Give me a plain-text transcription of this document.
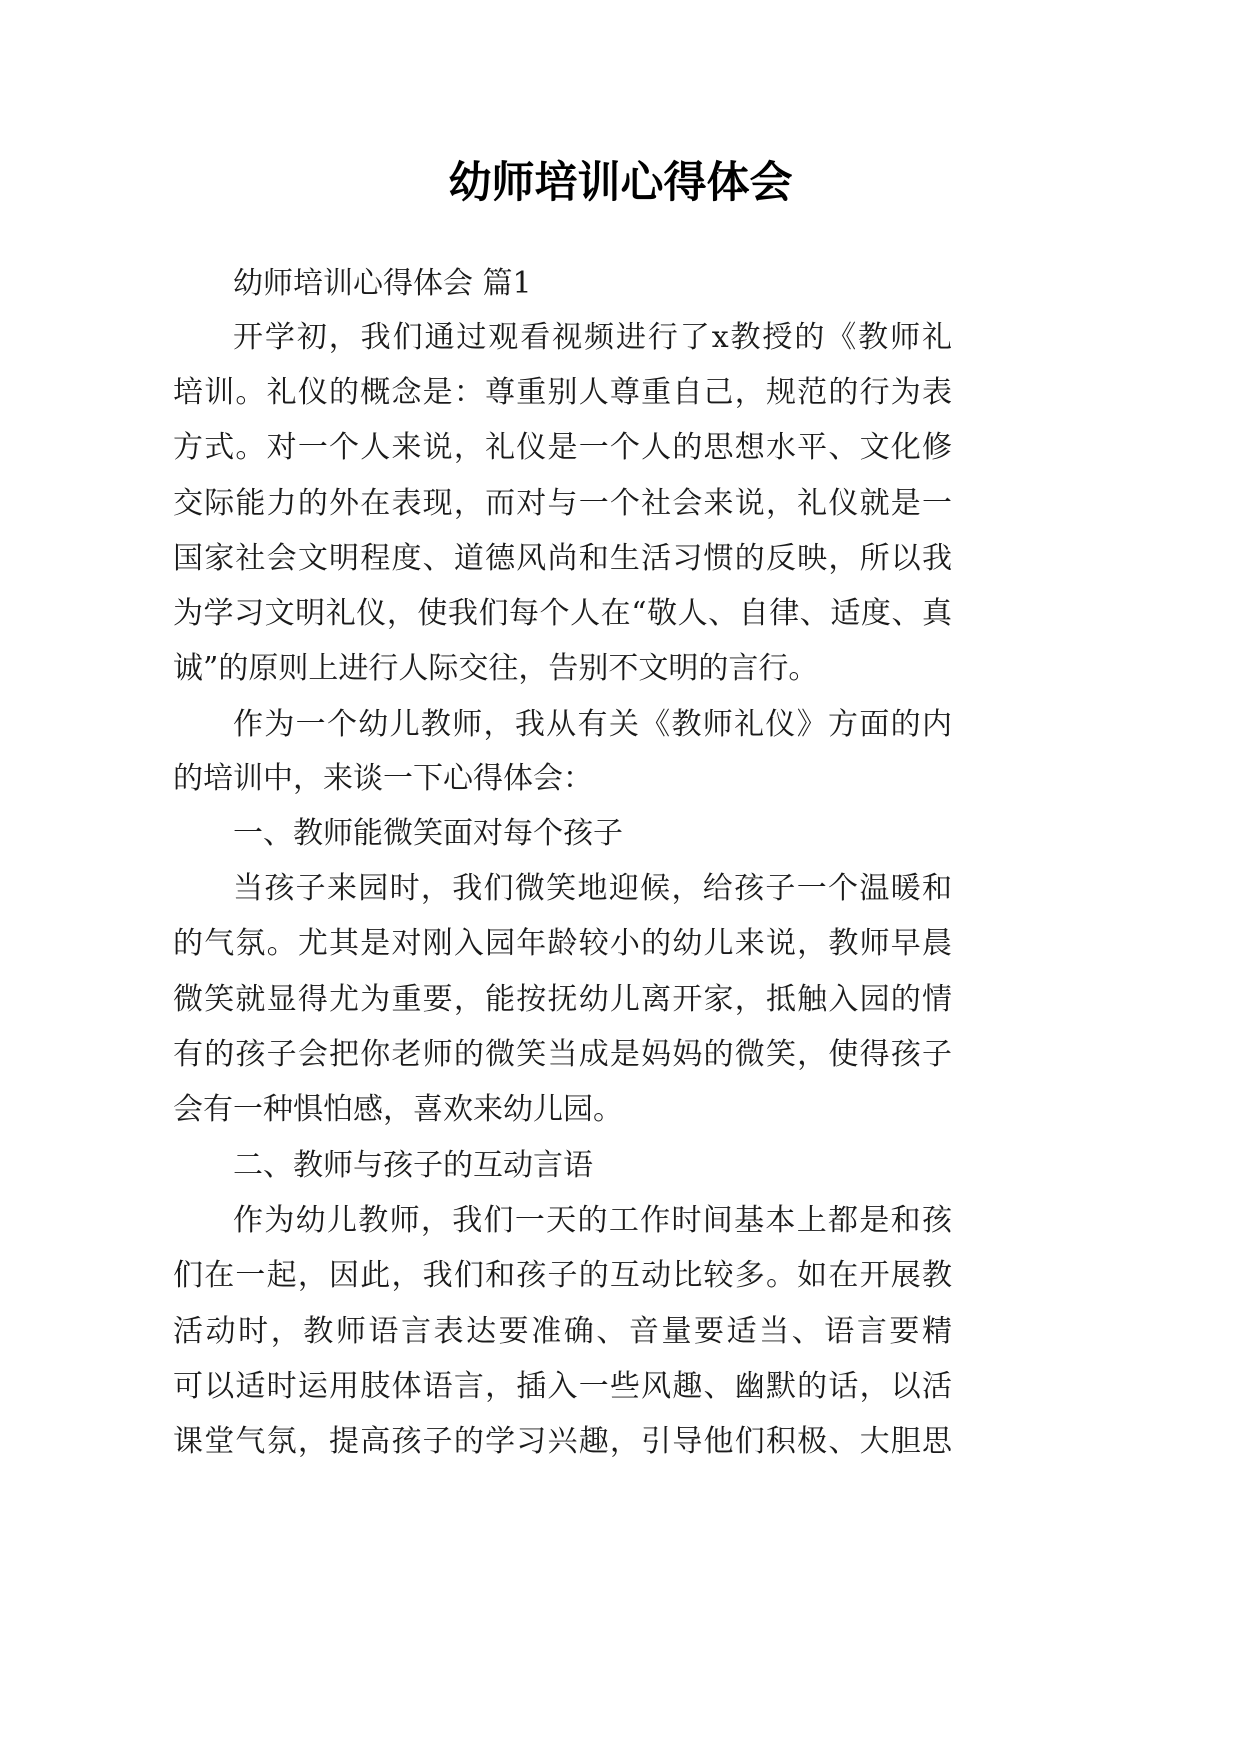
幼师培训心得体会

幼师培训心得体会 篇1

开学初，我们通过观看视频进行了x教授的《教师礼

培训。礼仪的概念是：尊重别人尊重自己，规范的行为表

方式。对一个人来说，礼仪是一个人的思想水平、文化修

交际能力的外在表现，而对与一个社会来说，礼仪就是一

国家社会文明程度、道德风尚和生活习惯的反映，所以我

为学习文明礼仪，使我们每个人在“敬人、自律、适度、真

诚”的原则上进行人际交往，告别不文明的言行。

作为一个幼儿教师，我从有关《教师礼仪》方面的内

的培训中，来谈一下心得体会：

一、教师能微笑面对每个孩子

当孩子来园时，我们微笑地迎候，给孩子一个温暖和

的气氛。尤其是对刚入园年龄较小的幼儿来说，教师早晨

微笑就显得尤为重要，能按抚幼儿离开家，抵触入园的情

有的孩子会把你老师的微笑当成是妈妈的微笑，使得孩子

会有一种惧怕感，喜欢来幼儿园。

二、教师与孩子的互动言语

作为幼儿教师，我们一天的工作时间基本上都是和孩

们在一起，因此，我们和孩子的互动比较多。如在开展教

活动时，教师语言表达要准确、音量要适当、语言要精

可以适时运用肢体语言，插入一些风趣、幽默的话，以活

课堂气氛，提高孩子的学习兴趣，引导他们积极、大胆思
